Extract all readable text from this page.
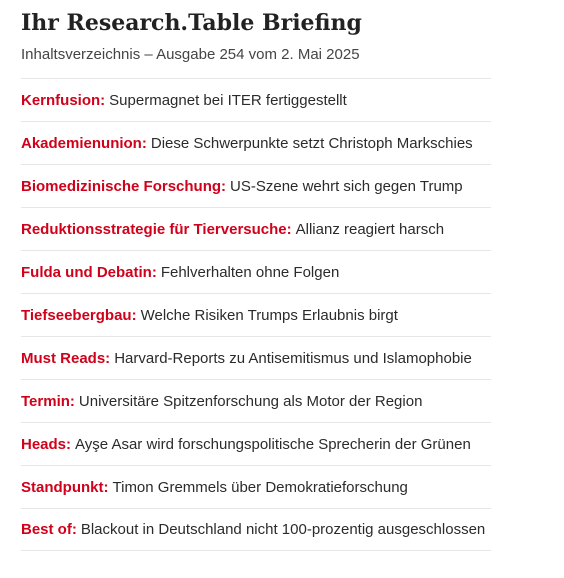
Ihr Research.Table Briefing

Inhaltsverzeichnis – Ausgabe 254 vom 2. Mai 2025

Kernfusion: Supermagnet bei ITER fertiggestellt
Akademienunion: Diese Schwerpunkte setzt Christoph Markschies
Biomedizinische Forschung: US-Szene wehrt sich gegen Trump
Reduktionsstrategie für Tierversuche: Allianz reagiert harsch
Fulda und Debatin: Fehlverhalten ohne Folgen
Tiefseebergbau: Welche Risiken Trumps Erlaubnis birgt
Must Reads: Harvard-Reports zu Antisemitismus und Islamophobie
Termin: Universitäre Spitzenforschung als Motor der Region
Heads: Ayşe Asar wird forschungspolitische Sprecherin der Grünen
Standpunkt: Timon Gremmels über Demokratieforschung
Best of: Blackout in Deutschland nicht 100-prozentig ausgeschlossen
